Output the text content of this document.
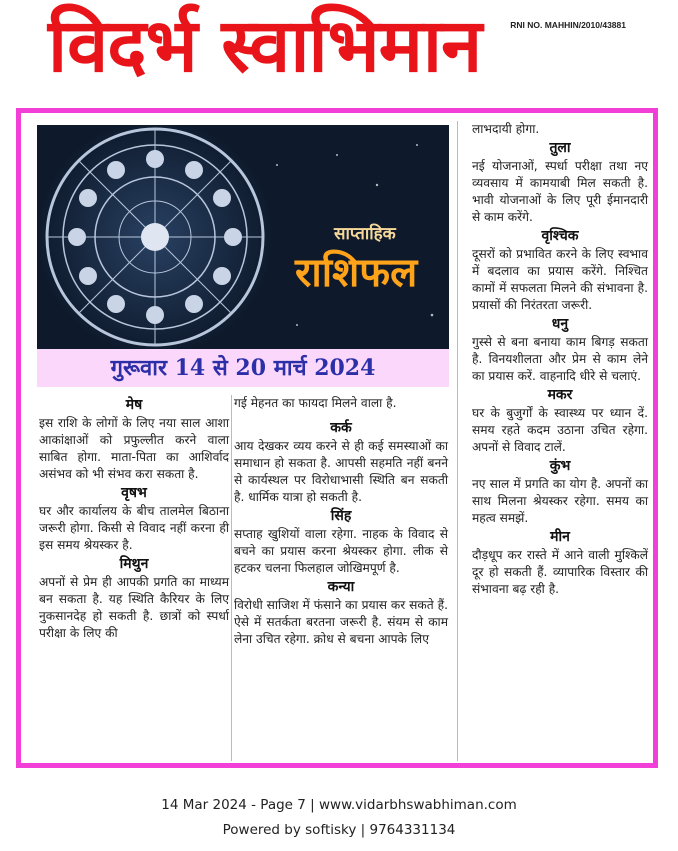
विदर्भ स्वाभिमान	RNI NO. MAHHIN/2010/43881
साप्ताहिक
राशिफल
गुरूवार 14 से 20 मार्च 2024
मेष

इस राशि के लोगों के लिए नया साल आशा आकांक्षाओं को प्रफुल्लीत करने वाला साबित होगा. माता-पिता का आशिर्वाद असंभव को भी संभव करा सकता है.

वृषभ

घर और कार्यालय के बीच तालमेल बिठाना जरूरी होगा. किसी से विवाद नहीं करना ही इस समय श्रेयस्कर है.

मिथुन

अपनों से प्रेम ही आपकी प्रगति का माध्यम बन सकता है. यह स्थिति कैरियर के लिए नुकसानदेह हो सकती है. छात्रों को स्पर्धा परीक्षा के लिए की

गई मेहनत का फायदा मिलने वाला है.

कर्क

आय देखकर व्यय करने से ही कई समस्याओं का समाधान हो सकता है. आपसी सहमति नहीं बनने से कार्यस्थल पर विरोधाभासी स्थिति बन सकती है. धार्मिक यात्रा हो सकती है.

सिंह

सप्ताह खुशियों वाला रहेगा. नाहक के विवाद से बचने का प्रयास करना श्रेयस्कर होगा. लीक से हटकर चलना फिलहाल जोखिमपूर्ण है.

कन्या

विरोधी साजिश में फंसाने का प्रयास कर सकते हैं. ऐसे में सतर्कता बरतना जरूरी है. संयम से काम लेना उचित रहेगा. क्रोध से बचना आपके लिए

लाभदायी होगा.

तुला

नई योजनाओं, स्पर्धा परीक्षा तथा नए व्यवसाय में कामयाबी मिल सकती है. भावी योजनाओं के लिए पूरी ईमानदारी से काम करेंगे.

वृश्चिक

दूसरों को प्रभावित करने के लिए स्वभाव में बदलाव का प्रयास करेंगे. निश्चित कामों में सफलता मिलने की संभावना है. प्रयासों की निरंतरता जरूरी.

धनु

गुस्से से बना बनाया काम बिगड़ सकता है. विनयशीलता और प्रेम से काम लेने का प्रयास करें. वाहनादि धीरे से चलाएं.

मकर

घर के बुजुर्गों के स्वास्थ्य पर ध्यान दें. समय रहते कदम उठाना उचित रहेगा. अपनों से विवाद टालें.

कुंभ

नए साल में प्रगति का योग है. अपनों का साथ मिलना श्रेयस्कर रहेगा. समय का महत्व समझें.

मीन

दौड़धूप कर रास्ते में आने वाली मुश्किलें दूर हो सकती हैं. व्यापारिक विस्तार की संभावना बढ़ रही है.

14 Mar 2024 - Page 7 | www.vidarbhswabhiman.com
Powered by softisky | 9764331134
